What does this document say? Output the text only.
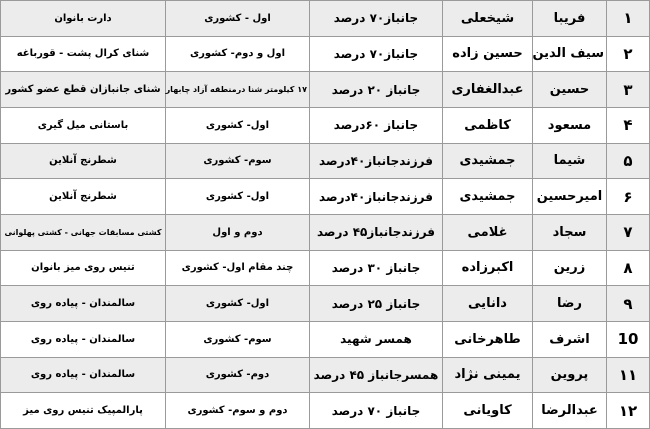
۱	فریبا	شیخعلی	جانباز۷۰ درصد	اول - کشوری	دارت بانوان
۲	سیف الدین	حسین زاده	جانباز۷۰ درصد	اول و دوم- کشوری	شنای کرال پشت - قورباغه
۳	حسین	عبدالغفاری	جانباز ۲۰ درصد	۱۷ کیلومتر شنا درمنطقه آزاد چابهار	شنای جانبازان قطع عضو کشور
۴	مسعود	کاظمی	جانباز ۶۰درصد	اول- کشوری	باستانی میل گیری
۵	شیما	جمشیدی	فرزندجانباز۴۰درصد	سوم- کشوری	شطرنج آنلاین
۶	امیرحسین	جمشیدی	فرزندجانباز۴۰درصد	اول- کشوری	شطرنج آنلاین
۷	سجاد	غلامی	فرزندجانباز۴۵ درصد	دوم و اول	کشتی مسابقات جهانی - کشتی پهلوانی
۸	زرین	اکبرزاده	جانباز ۳۰ درصد	چند مقام اول- کشوری	تنیس روی میز بانوان
۹	رضا	دانایی	جانباز ۲۵ درصد	اول- کشوری	سالمندان - پیاده روی
10	اشرف	طاهرخانی	همسر شهید	سوم- کشوری	سالمندان - پیاده روی
۱۱	پروین	یمینی نژاد	همسرجانباز ۴۵ درصد	دوم- کشوری	سالمندان - پیاده روی
۱۲	عبدالرضا	کاویانی	جانباز ۷۰ درصد	دوم و سوم- کشوری	پارالمپیک تنیس روی میز
